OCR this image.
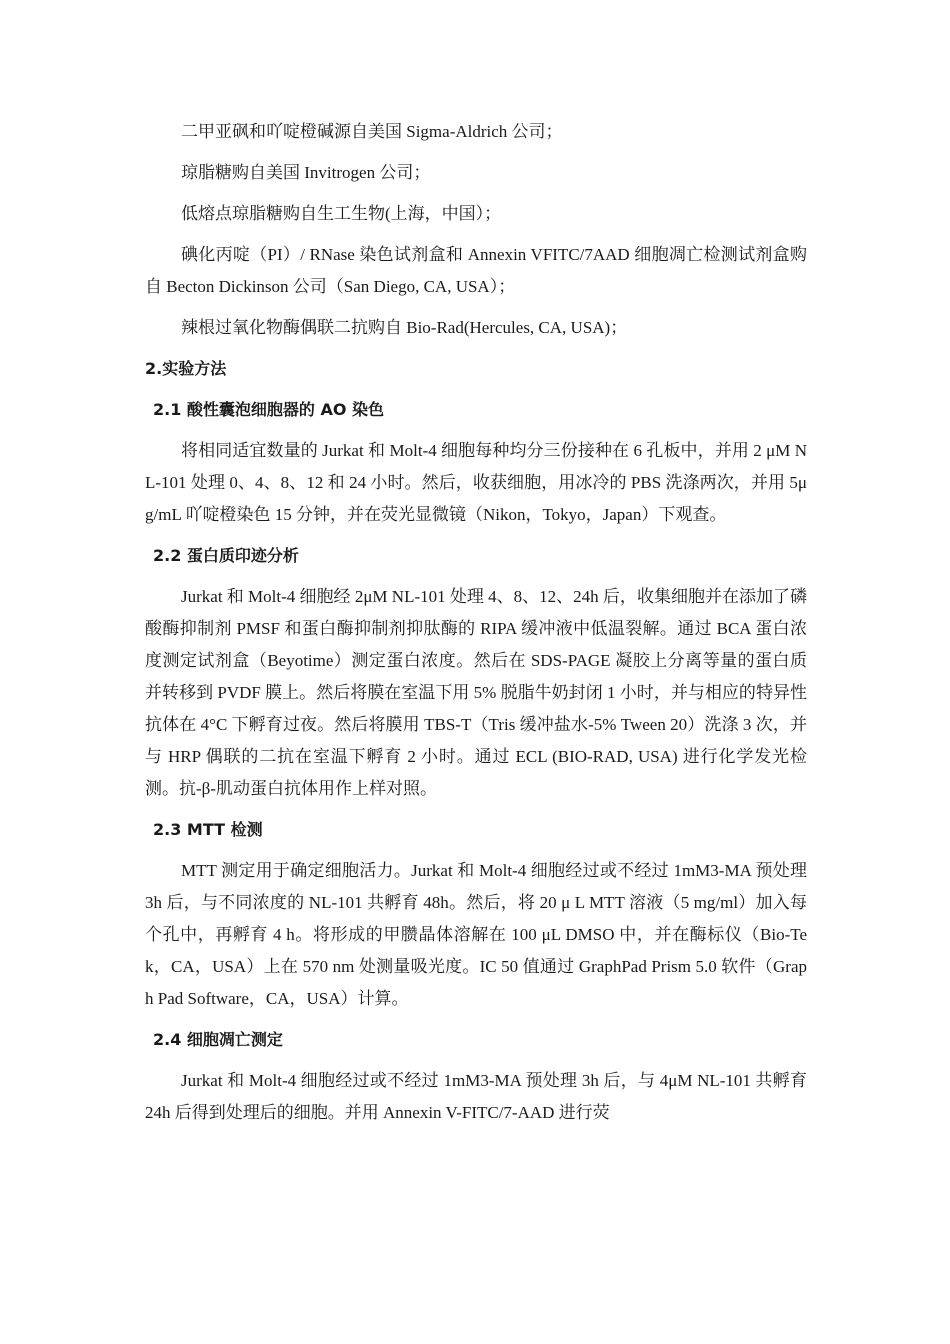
二甲亚砜和吖啶橙碱源自美国 Sigma-Aldrich 公司；

琼脂糖购自美国 Invitrogen 公司；

低熔点琼脂糖购自生工生物(上海，中国）；

碘化丙啶（PI）/ RNase 染色试剂盒和 Annexin VFITC/7AAD 细胞凋亡检测试剂盒购自 Becton Dickinson 公司（San Diego, CA, USA）；

辣根过氧化物酶偶联二抗购自 Bio-Rad(Hercules, CA, USA)；

2.实验方法
2.1 酸性囊泡细胞器的 AO 染色

将相同适宜数量的 Jurkat 和 Molt-4 细胞每种均分三份接种在 6 孔板中，并用 2 μM NL-101 处理 0、4、8、12 和 24 小时。然后，收获细胞，用冰冷的 PBS 洗涤两次，并用 5μ g/mL 吖啶橙染色 15 分钟，并在荧光显微镜（Nikon，Tokyo，Japan）下观查。

2.2 蛋白质印迹分析

Jurkat 和 Molt-4 细胞经 2μM NL-101 处理 4、8、12、24h 后，收集细胞并在添加了磷酸酶抑制剂 PMSF 和蛋白酶抑制剂抑肽酶的 RIPA 缓冲液中低温裂解。通过 BCA 蛋白浓度测定试剂盒（Beyotime）测定蛋白浓度。然后在 SDS-PAGE 凝胶上分离等量的蛋白质并转移到 PVDF 膜上。然后将膜在室温下用 5% 脱脂牛奶封闭 1 小时，并与相应的特异性抗体在 4°C 下孵育过夜。然后将膜用 TBS-T（Tris 缓冲盐水-5% Tween 20）洗涤 3 次，并与 HRP 偶联的二抗在室温下孵育 2 小时。通过 ECL (BIO-RAD, USA) 进行化学发光检测。抗-β-肌动蛋白抗体用作上样对照。

2.3 MTT 检测

MTT 测定用于确定细胞活力。Jurkat 和 Molt-4 细胞经过或不经过 1mM3-MA 预处理 3h 后，与不同浓度的 NL-101 共孵育 48h。然后，将 20 μ L MTT 溶液（5 mg/ml）加入每个孔中，再孵育 4 h。将形成的甲臜晶体溶解在 100 μL DMSO 中，并在酶标仪（Bio-Tek，CA，USA）上在 570 nm 处测量吸光度。IC 50 值通过 GraphPad Prism 5.0 软件（Graph Pad Software，CA，USA）计算。

2.4 细胞凋亡测定

Jurkat 和 Molt-4 细胞经过或不经过 1mM3-MA 预处理 3h 后，与 4μM NL-101 共孵育 24h 后得到处理后的细胞。并用 Annexin V-FITC/7-AAD 进行荧
